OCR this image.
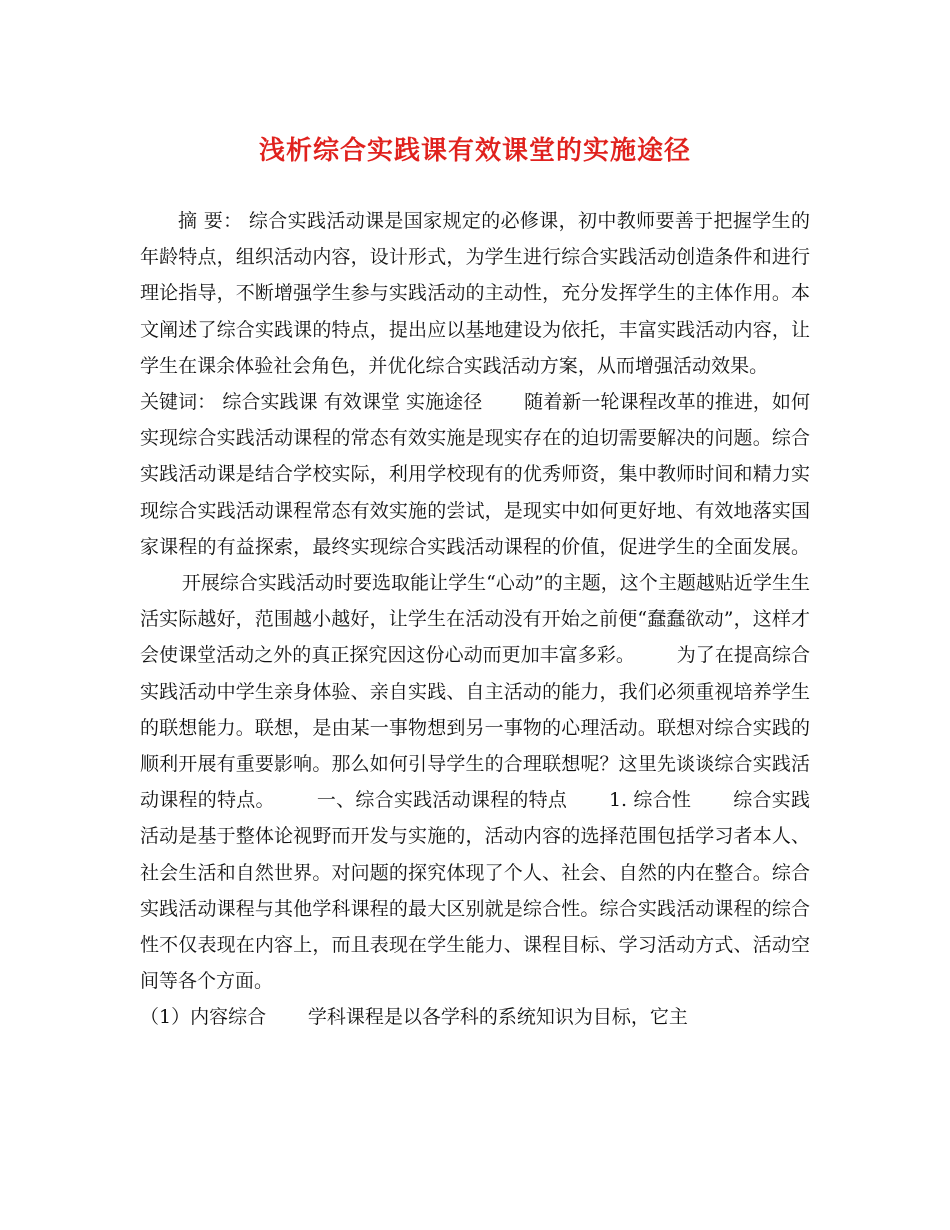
浅析综合实践课有效课堂的实施途径

摘 要： 综合实践活动课是国家规定的必修课，初中教师要善于把握学生的年龄特点，组织活动内容，设计形式，为学生进行综合实践活动创造条件和进行理论指导，不断增强学生参与实践活动的主动性，充分发挥学生的主体作用。本文阐述了综合实践课的特点，提出应以基地建设为依托，丰富实践活动内容，让学生在课余体验社会角色，并优化综合实践活动方案，从而增强活动效果。关键词： 综合实践课 有效课堂 实施途径 随着新一轮课程改革的推进，如何实现综合实践活动课程的常态有效实施是现实存在的迫切需要解决的问题。综合实践活动课是结合学校实际，利用学校现有的优秀师资，集中教师时间和精力实现综合实践活动课程常态有效实施的尝试，是现实中如何更好地、有效地落实国家课程的有益探索，最终实现综合实践活动课程的价值，促进学生的全面发展。开展综合实践活动时要选取能让学生“心动”的主题，这个主题越贴近学生生活实际越好，范围越小越好，让学生在活动没有开始之前便“蠢蠢欲动”，这样才会使课堂活动之外的真正探究因这份心动而更加丰富多彩。 为了在提高综合实践活动中学生亲身体验、亲自实践、自主活动的能力，我们必须重视培养学生的联想能力。联想，是由某一事物想到另一事物的心理活动。联想对综合实践的顺利开展有重要影响。那么如何引导学生的合理联想呢？这里先谈谈综合实践活动课程的特点。 一、综合实践活动课程的特点 1. 综合性 综合实践活动是基于整体论视野而开发与实施的，活动内容的选择范围包括学习者本人、社会生活和自然世界。对问题的探究体现了个人、社会、自然的内在整合。综合实践活动课程与其他学科课程的最大区别就是综合性。综合实践活动课程的综合性不仅表现在内容上，而且表现在学生能力、课程目标、学习活动方式、活动空间等各个方面。
（1）内容综合 学科课程是以各学科的系统知识为目标，它主
